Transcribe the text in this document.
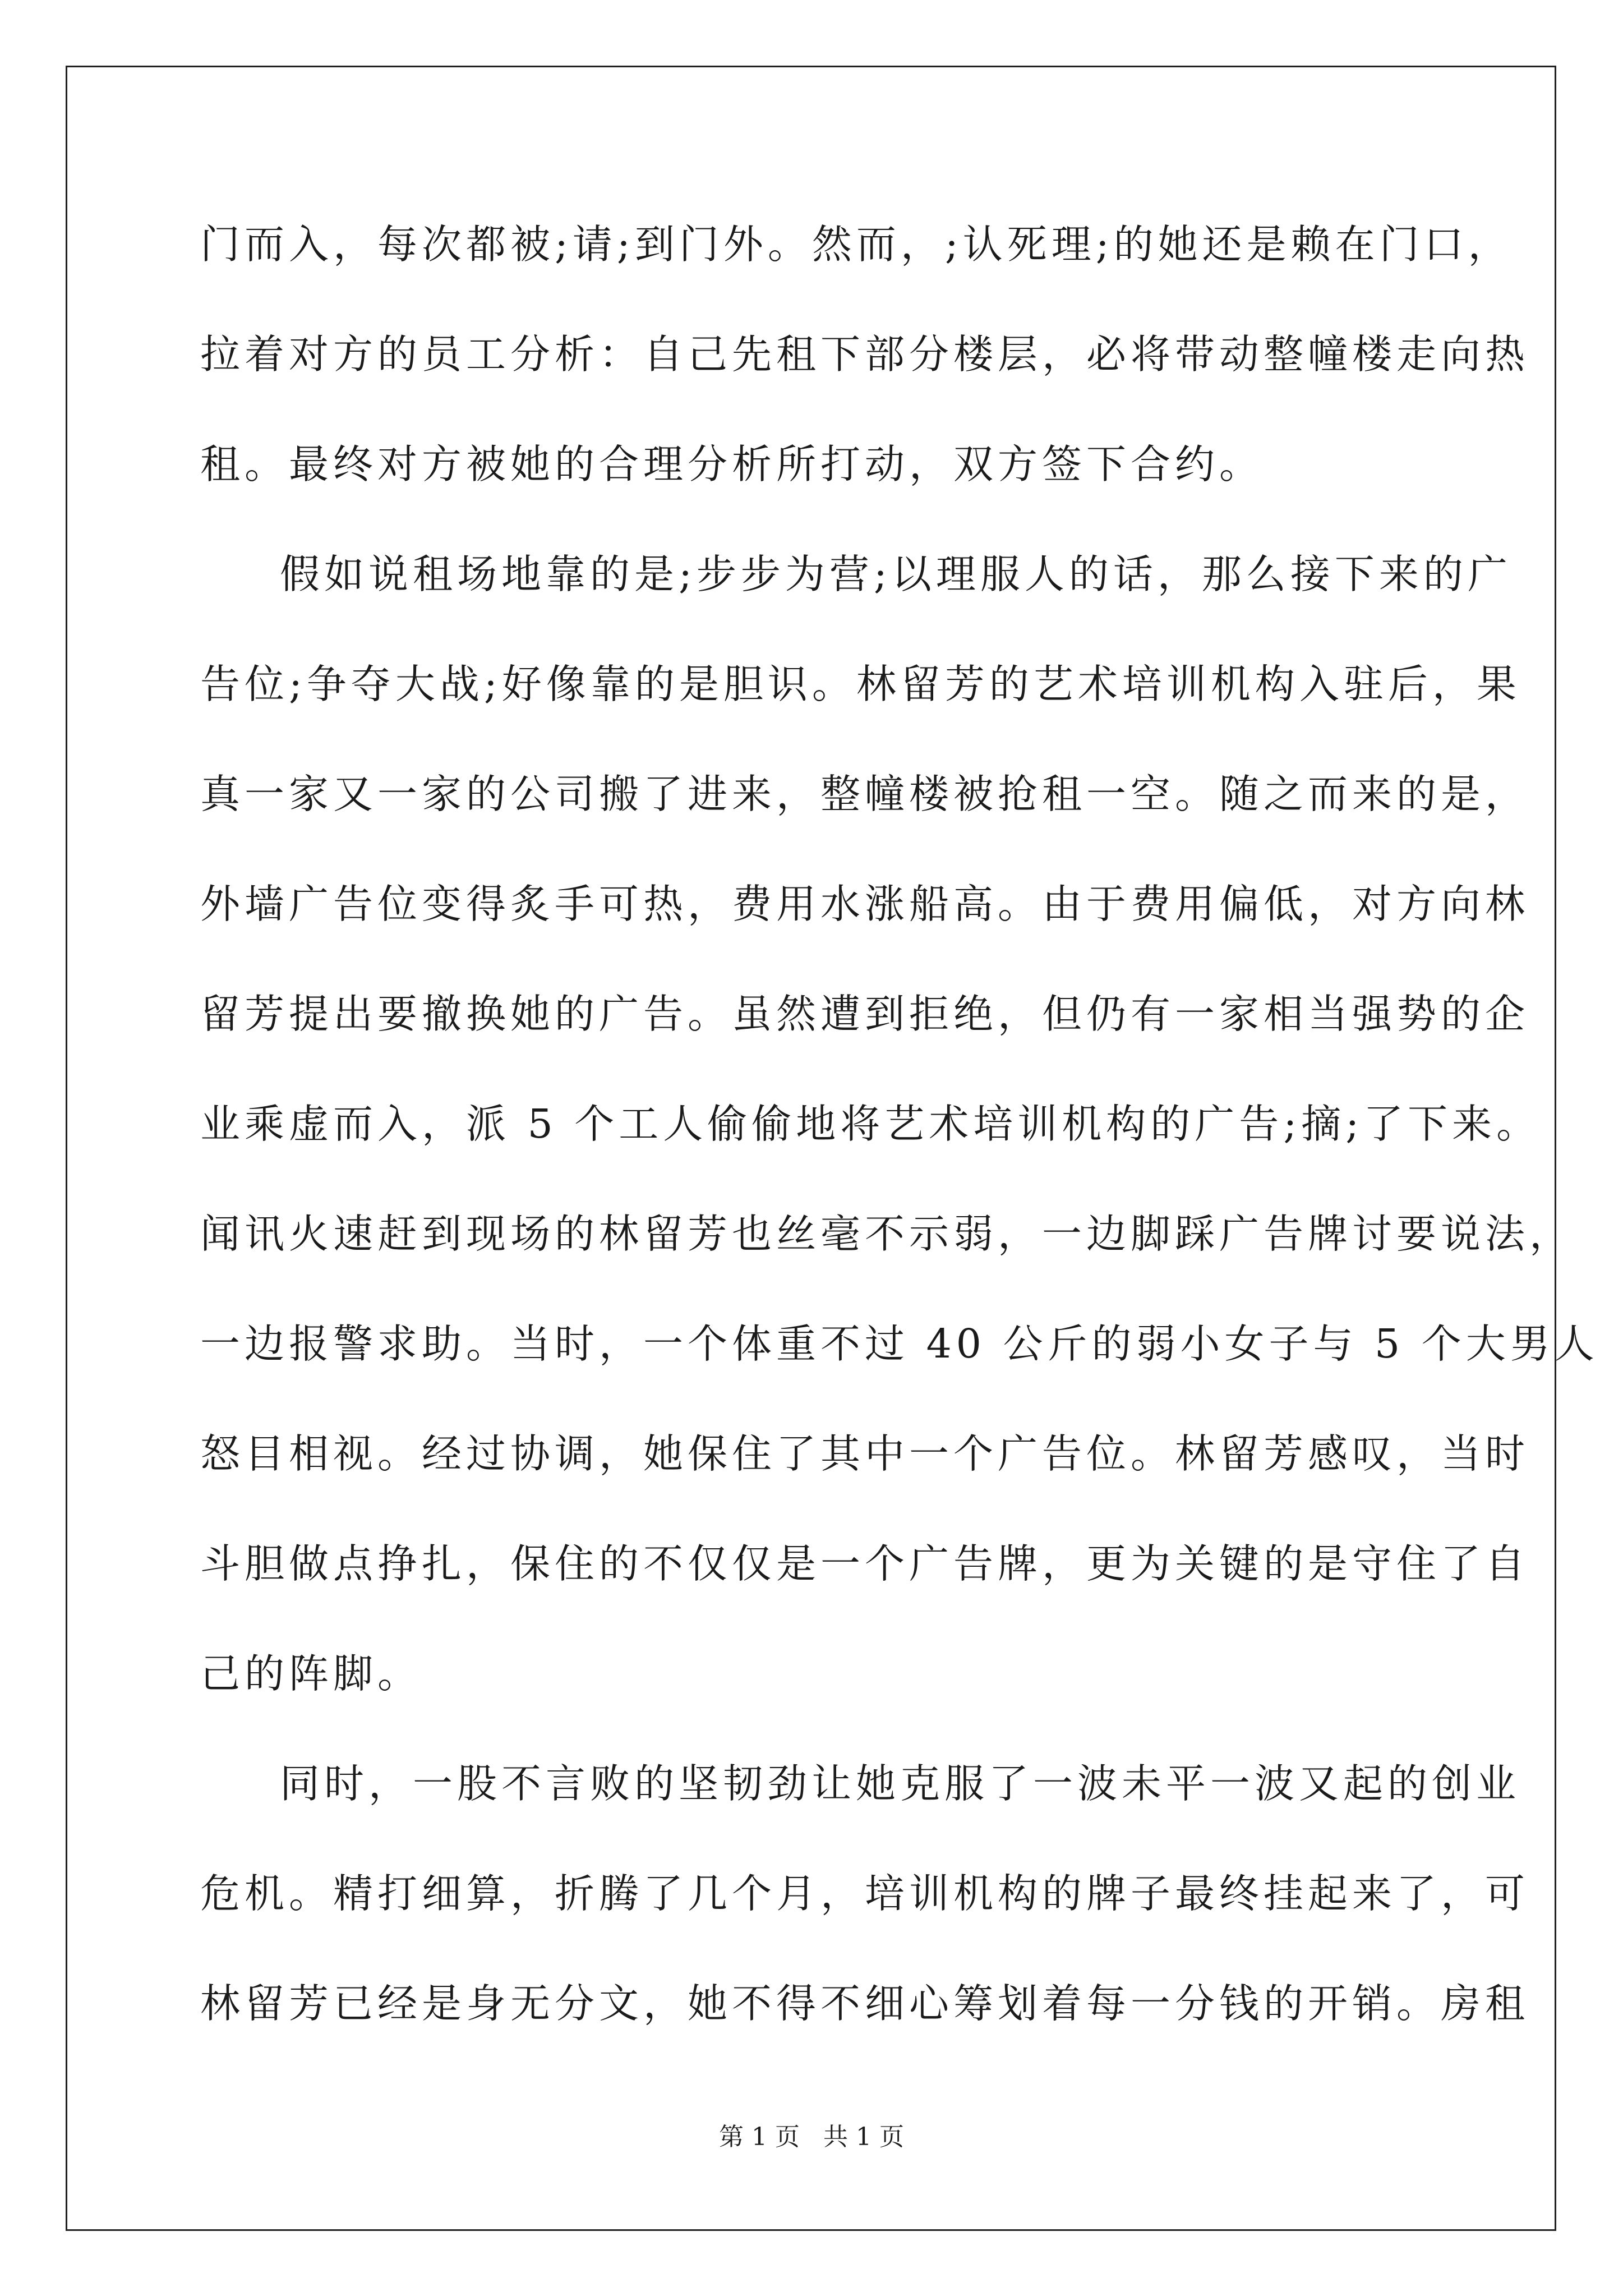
门而入，每次都被;请;到门外。然而，;认死理;的她还是赖在门口，
拉着对方的员工分析：自己先租下部分楼层，必将带动整幢楼走向热
租。最终对方被她的合理分析所打动，双方签下合约。
假如说租场地靠的是;步步为营;以理服人的话，那么接下来的广
告位;争夺大战;好像靠的是胆识。林留芳的艺术培训机构入驻后，果
真一家又一家的公司搬了进来，整幢楼被抢租一空。随之而来的是，
外墙广告位变得炙手可热，费用水涨船高。由于费用偏低，对方向林
留芳提出要撤换她的广告。虽然遭到拒绝，但仍有一家相当强势的企
业乘虚而入，派 5 个工人偷偷地将艺术培训机构的广告;摘;了下来。
闻讯火速赶到现场的林留芳也丝毫不示弱，一边脚踩广告牌讨要说法，
一边报警求助。当时，一个体重不过 40 公斤的弱小女子与 5 个大男人
怒目相视。经过协调，她保住了其中一个广告位。林留芳感叹，当时
斗胆做点挣扎，保住的不仅仅是一个广告牌，更为关键的是守住了自
己的阵脚。
同时，一股不言败的坚韧劲让她克服了一波未平一波又起的创业
危机。精打细算，折腾了几个月，培训机构的牌子最终挂起来了，可
林留芳已经是身无分文，她不得不细心筹划着每一分钱的开销。房租
第 1 页   共 1 页
